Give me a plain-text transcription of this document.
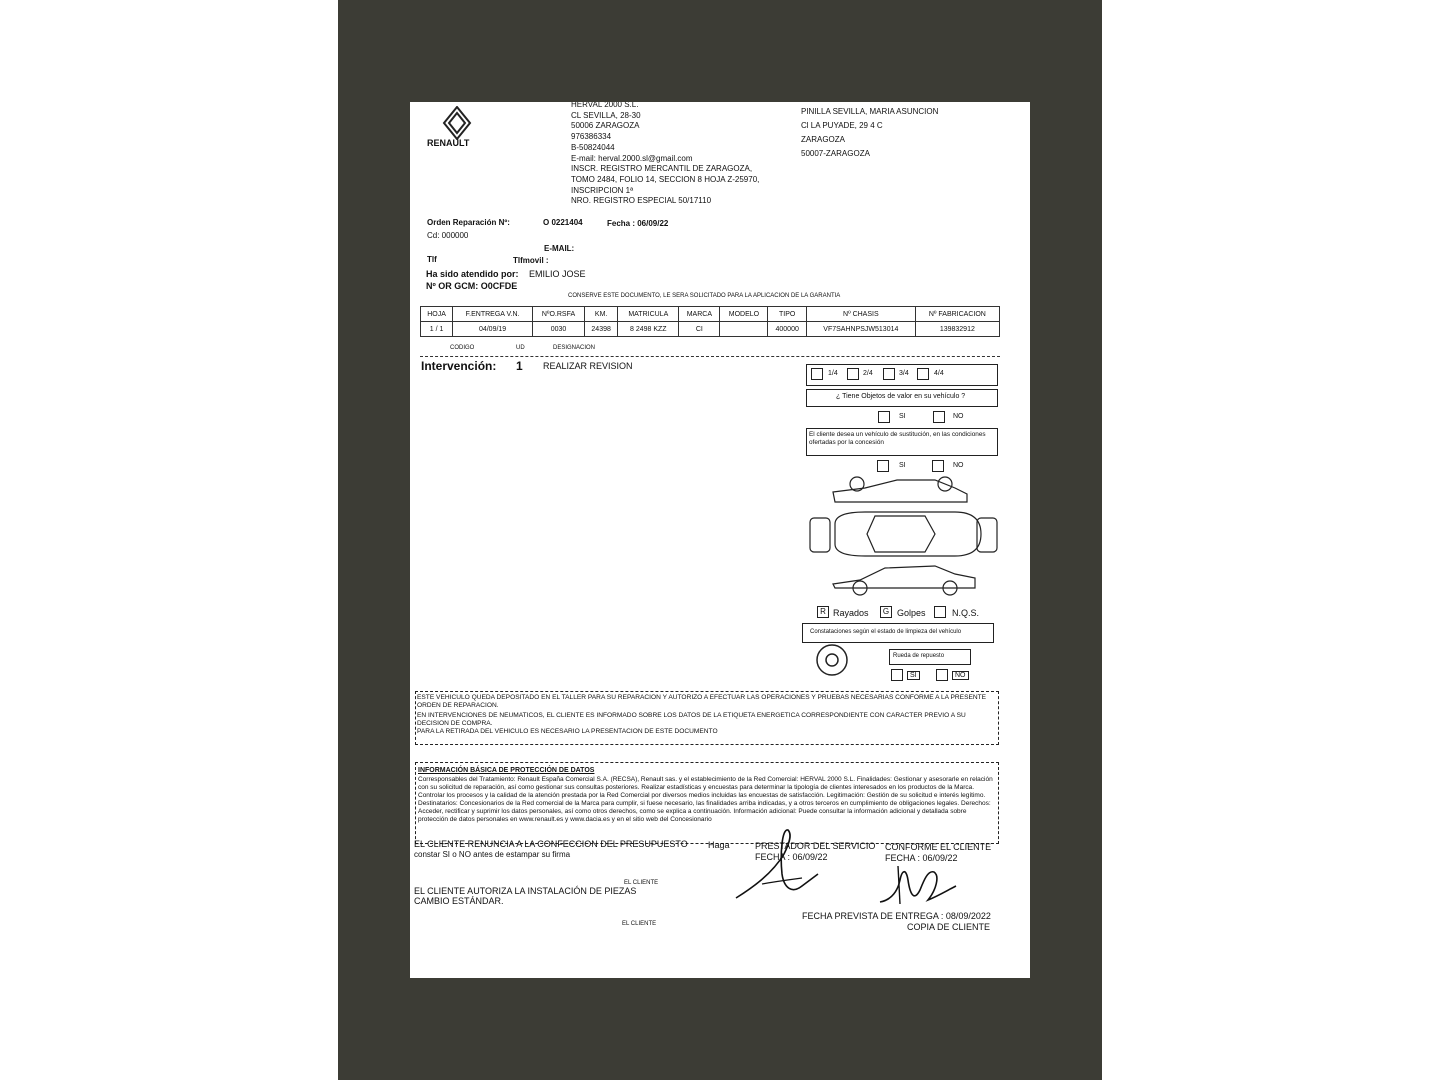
RENAULT
HERVAL 2000 S.L.
CL SEVILLA, 28-30
50006 ZARAGOZA
976386334
B-50824044
E-mail: herval.2000.sl@gmail.com
INSCR. REGISTRO MERCANTIL DE ZARAGOZA,
TOMO 2484, FOLIO 14, SECCION 8 HOJA Z-25970,
INSCRIPCION 1ª
NRO. REGISTRO ESPECIAL 50/17110
PINILLA SEVILLA, MARIA ASUNCION
Cl LA PUYADE, 29 4 C
ZARAGOZA
50007-ZARAGOZA
Orden Reparación Nº:	O 0221404	Fecha : 06/09/22
Cd: 000000
E-MAIL:
Tlf	Tlfmovil :
Ha sido atendido por: EMILIO JOSE
Nº OR GCM: O0CFDE
CONSERVE ESTE DOCUMENTO, LE SERA SOLICITADO PARA LA APLICACION DE LA GARANTIA
HOJA	F.ENTREGA V.N.	NºO.RSFA	KM.	MATRICULA	MARCA	MODELO	TIPO	Nº CHASIS	Nº FABRICACION
1 / 1	04/09/19	0030	24398	8 2498 KZZ	CI		400000	VF7SAHNPSJW513014	139832912
CODIGO	UD	DESIGNACION
Intervención: 1 REALIZAR REVISION
1/4	2/4	3/4	4/4
¿ Tiene Objetos de valor en su vehículo ?
SI	NO
El cliente desea un vehículo de sustitución, en las condiciones ofertadas por la concesión
SI	NO
R Rayados	G Golpes	N.Q.S.
Constataciones según el estado de limpieza del vehículo
Rueda de repuesto
SI	NO
ESTE VEHICULO QUEDA DEPOSITADO EN EL TALLER PARA SU REPARACION Y AUTORIZO A EFECTUAR LAS OPERACIONES Y PRUEBAS NECESARIAS CONFORME A LA PRESENTE ORDEN DE REPARACION.
EN INTERVENCIONES DE NEUMATICOS, EL CLIENTE ES INFORMADO SOBRE LOS DATOS DE LA ETIQUETA ENERGETICA CORRESPONDIENTE CON CARACTER PREVIO A SU DECISION DE COMPRA.
PARA LA RETIRADA DEL VEHICULO ES NECESARIO LA PRESENTACION DE ESTE DOCUMENTO
INFORMACIÓN BÁSICA DE PROTECCIÓN DE DATOS
Corresponsables del Tratamiento: Renault España Comercial S.A. (RECSA), Renault sas. y el establecimiento de la Red Comercial: HERVAL 2000 S.L. Finalidades: Gestionar y asesorarle en relación con su solicitud de reparación, así como gestionar sus consultas posteriores. Realizar estadísticas y encuestas para determinar la tipología de clientes interesados en los productos de la Marca. Controlar los procesos y la calidad de la atención prestada por la Red Comercial por diversos medios incluidas las encuestas de satisfacción. Legitimación: Gestión de su solicitud e interés legítimo. Destinatarios: Concesionarios de la Red comercial de la Marca para cumplir, si fuese necesario, las finalidades arriba indicadas, y a otros terceros en cumplimiento de obligaciones legales. Derechos: Acceder, rectificar y suprimir los datos personales, así como otros derechos, como se explica a continuación. Información adicional: Puede consultar la información adicional y detallada sobre protección de datos personales en www.renault.es y www.dacia.es y en el sitio web del Concesionario
EL CLIENTE RENUNCIA A LA CONFECCION DEL PRESUPUESTO Haga
constar SI o NO antes de estampar su firma
EL CLIENTE
EL CLIENTE AUTORIZA LA INSTALACIÓN DE PIEZAS
CAMBIO ESTÁNDAR.
EL CLIENTE
PRESTADOR DEL SERVICIO
FECHA : 06/09/22
CONFORME EL CLIENTE
FECHA : 06/09/22
FECHA PREVISTA DE ENTREGA : 08/09/2022
COPIA DE CLIENTE
